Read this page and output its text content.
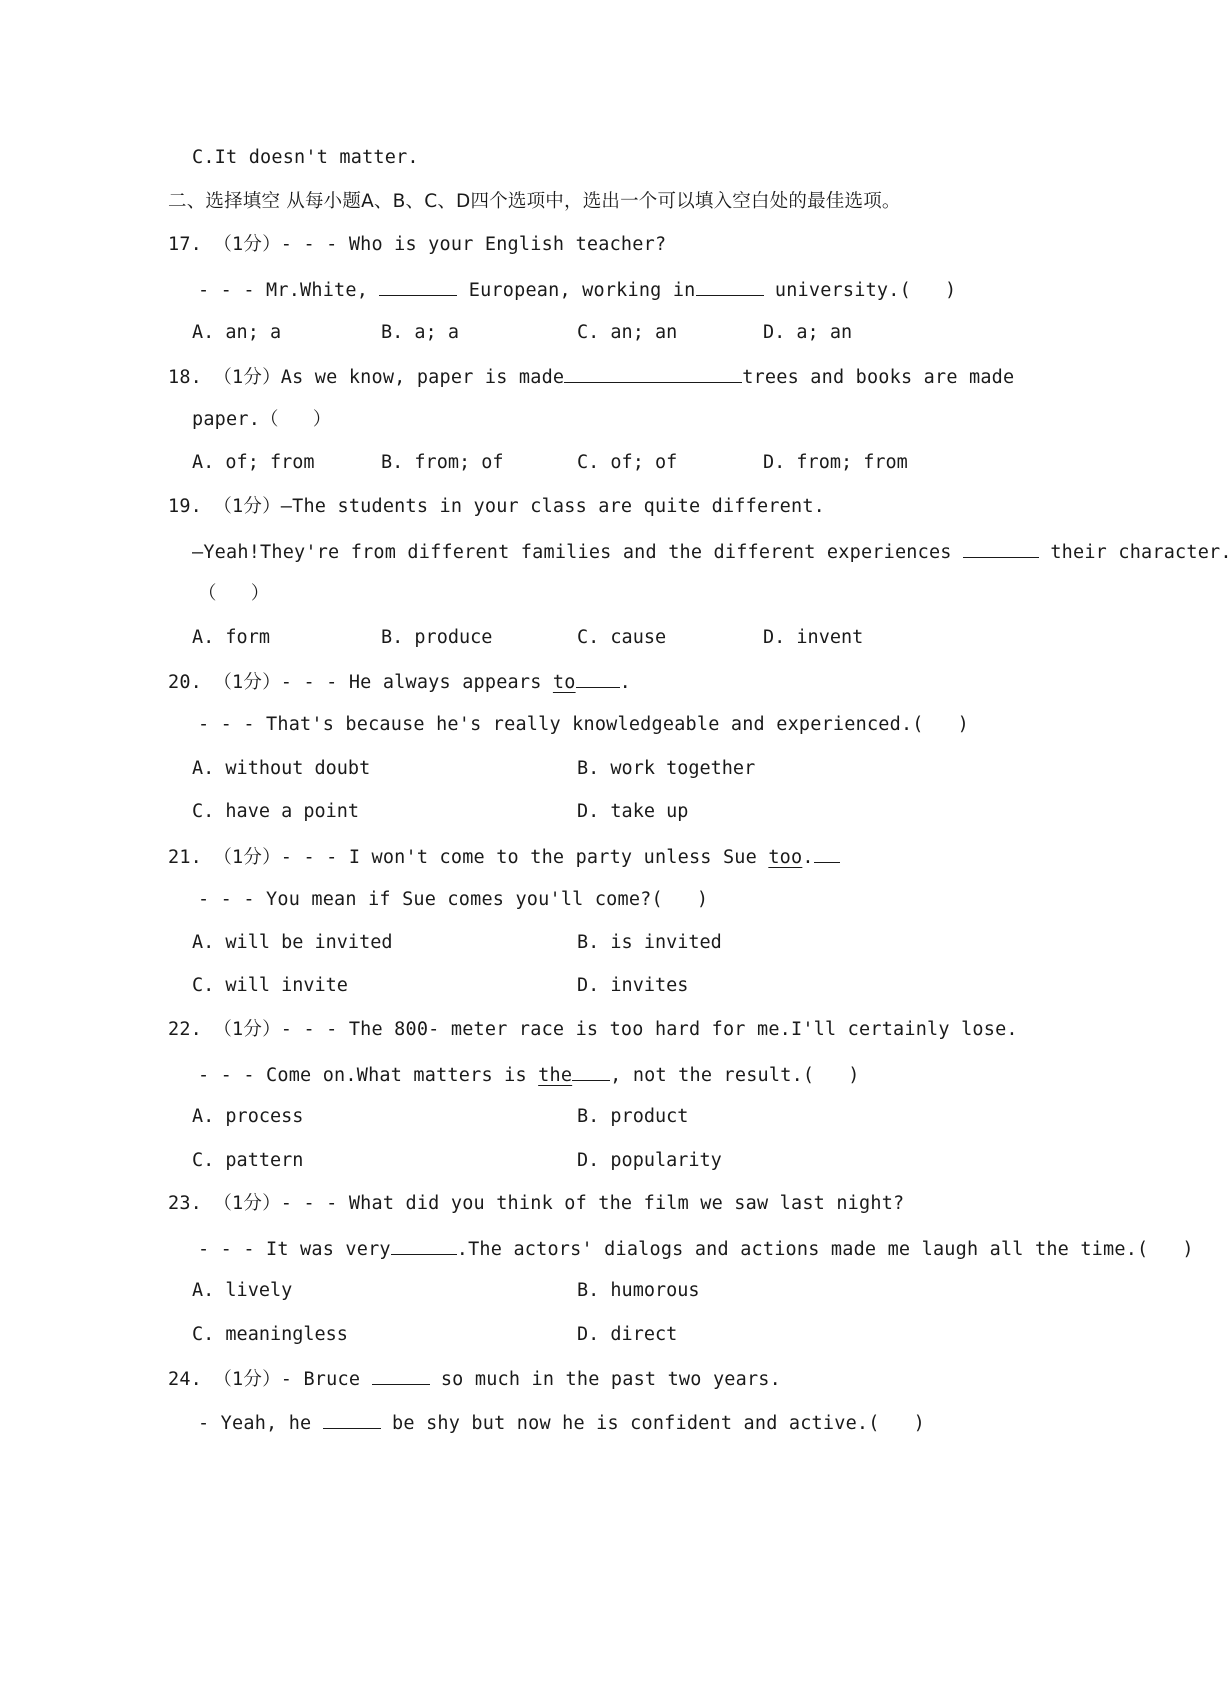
C.It doesn't matter.
二、选择填空 从每小题A、B、C、D四个选项中，选出一个可以填入空白处的最佳选项。
17. （1分）- - - Who is your English teacher?
- - - Mr.White,	European, working in	university.(   )
A. an; a	B. a; a	C. an; an	D. a; an
18. （1分）As we know, paper is made	trees and books are made
paper.（   ）
A. of; from	B. from; of	C. of; of	D. from; from
19. （1分）—The students in your class are quite different.
—Yeah!They're from different families and the different experiences	their character.
（   ）
A. form	B. produce	C. cause	D. invent
20. （1分）- - - He always appears to .
- - - That's because he's really knowledgeable and experienced.(   )
A. without doubt	B. work together
C. have a point	D. take up
21. （1分）- - - I won't come to the party unless Sue too.
- - - You mean if Sue comes you'll come?(   )
A. will be invited	B. is invited
C. will invite	D. invites
22. （1分）- - - The 800- meter race is too hard for me.I'll certainly lose.
- - - Come on.What matters is the , not the result.(   )
A. process	B. product
C. pattern	D. popularity
23. （1分）- - - What did you think of the film we saw last night?
- - - It was very	.The actors' dialogs and actions made me laugh all the time.(   )
A. lively	B. humorous
C. meaningless	D. direct
24. （1分）- Bruce	so much in the past two years.
- Yeah, he	be shy but now he is confident and active.(   )
